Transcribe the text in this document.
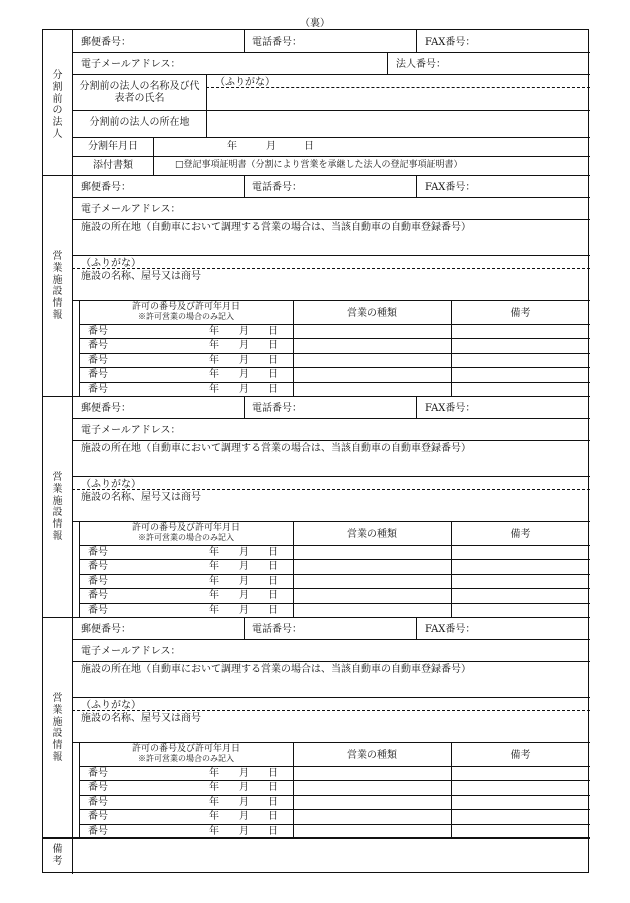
（裏）
分
割
前
の
法
人
郵便番号：	電話番号：	FAX番号：
電子メールアドレス：	法人番号：
分割前の法人の名称及び代
表者の氏名
（ふりがな）
分割前の法人の所在地
分割年月日	年	月	日
添付書類	□登記事項証明書（分割により営業を承継した法人の登記事項証明書）
営
業
施
設
情
報
郵便番号：	電話番号：	FAX番号：
電子メールアドレス：
施設の所在地（自動車において調理する営業の場合は、当該自動車の自動車登録番号）
（ふりがな）
施設の名称、屋号又は商号
許可の番号及び許可年月日
※許可営業の場合のみ記入	営業の種類	備考
番号	年 月 日
番号	年 月 日
番号	年 月 日
番号	年 月 日
番号	年 月 日
営
業
施
設
情
報
郵便番号：	電話番号：	FAX番号：
電子メールアドレス：
施設の所在地（自動車において調理する営業の場合は、当該自動車の自動車登録番号）
（ふりがな）
施設の名称、屋号又は商号
許可の番号及び許可年月日
※許可営業の場合のみ記入	営業の種類	備考
番号	年 月 日
番号	年 月 日
番号	年 月 日
番号	年 月 日
番号	年 月 日
営
業
施
設
情
報
郵便番号：	電話番号：	FAX番号：
電子メールアドレス：
施設の所在地（自動車において調理する営業の場合は、当該自動車の自動車登録番号）
（ふりがな）
施設の名称、屋号又は商号
許可の番号及び許可年月日
※許可営業の場合のみ記入	営業の種類	備考
番号	年 月 日
番号	年 月 日
番号	年 月 日
番号	年 月 日
番号	年 月 日
備
考
